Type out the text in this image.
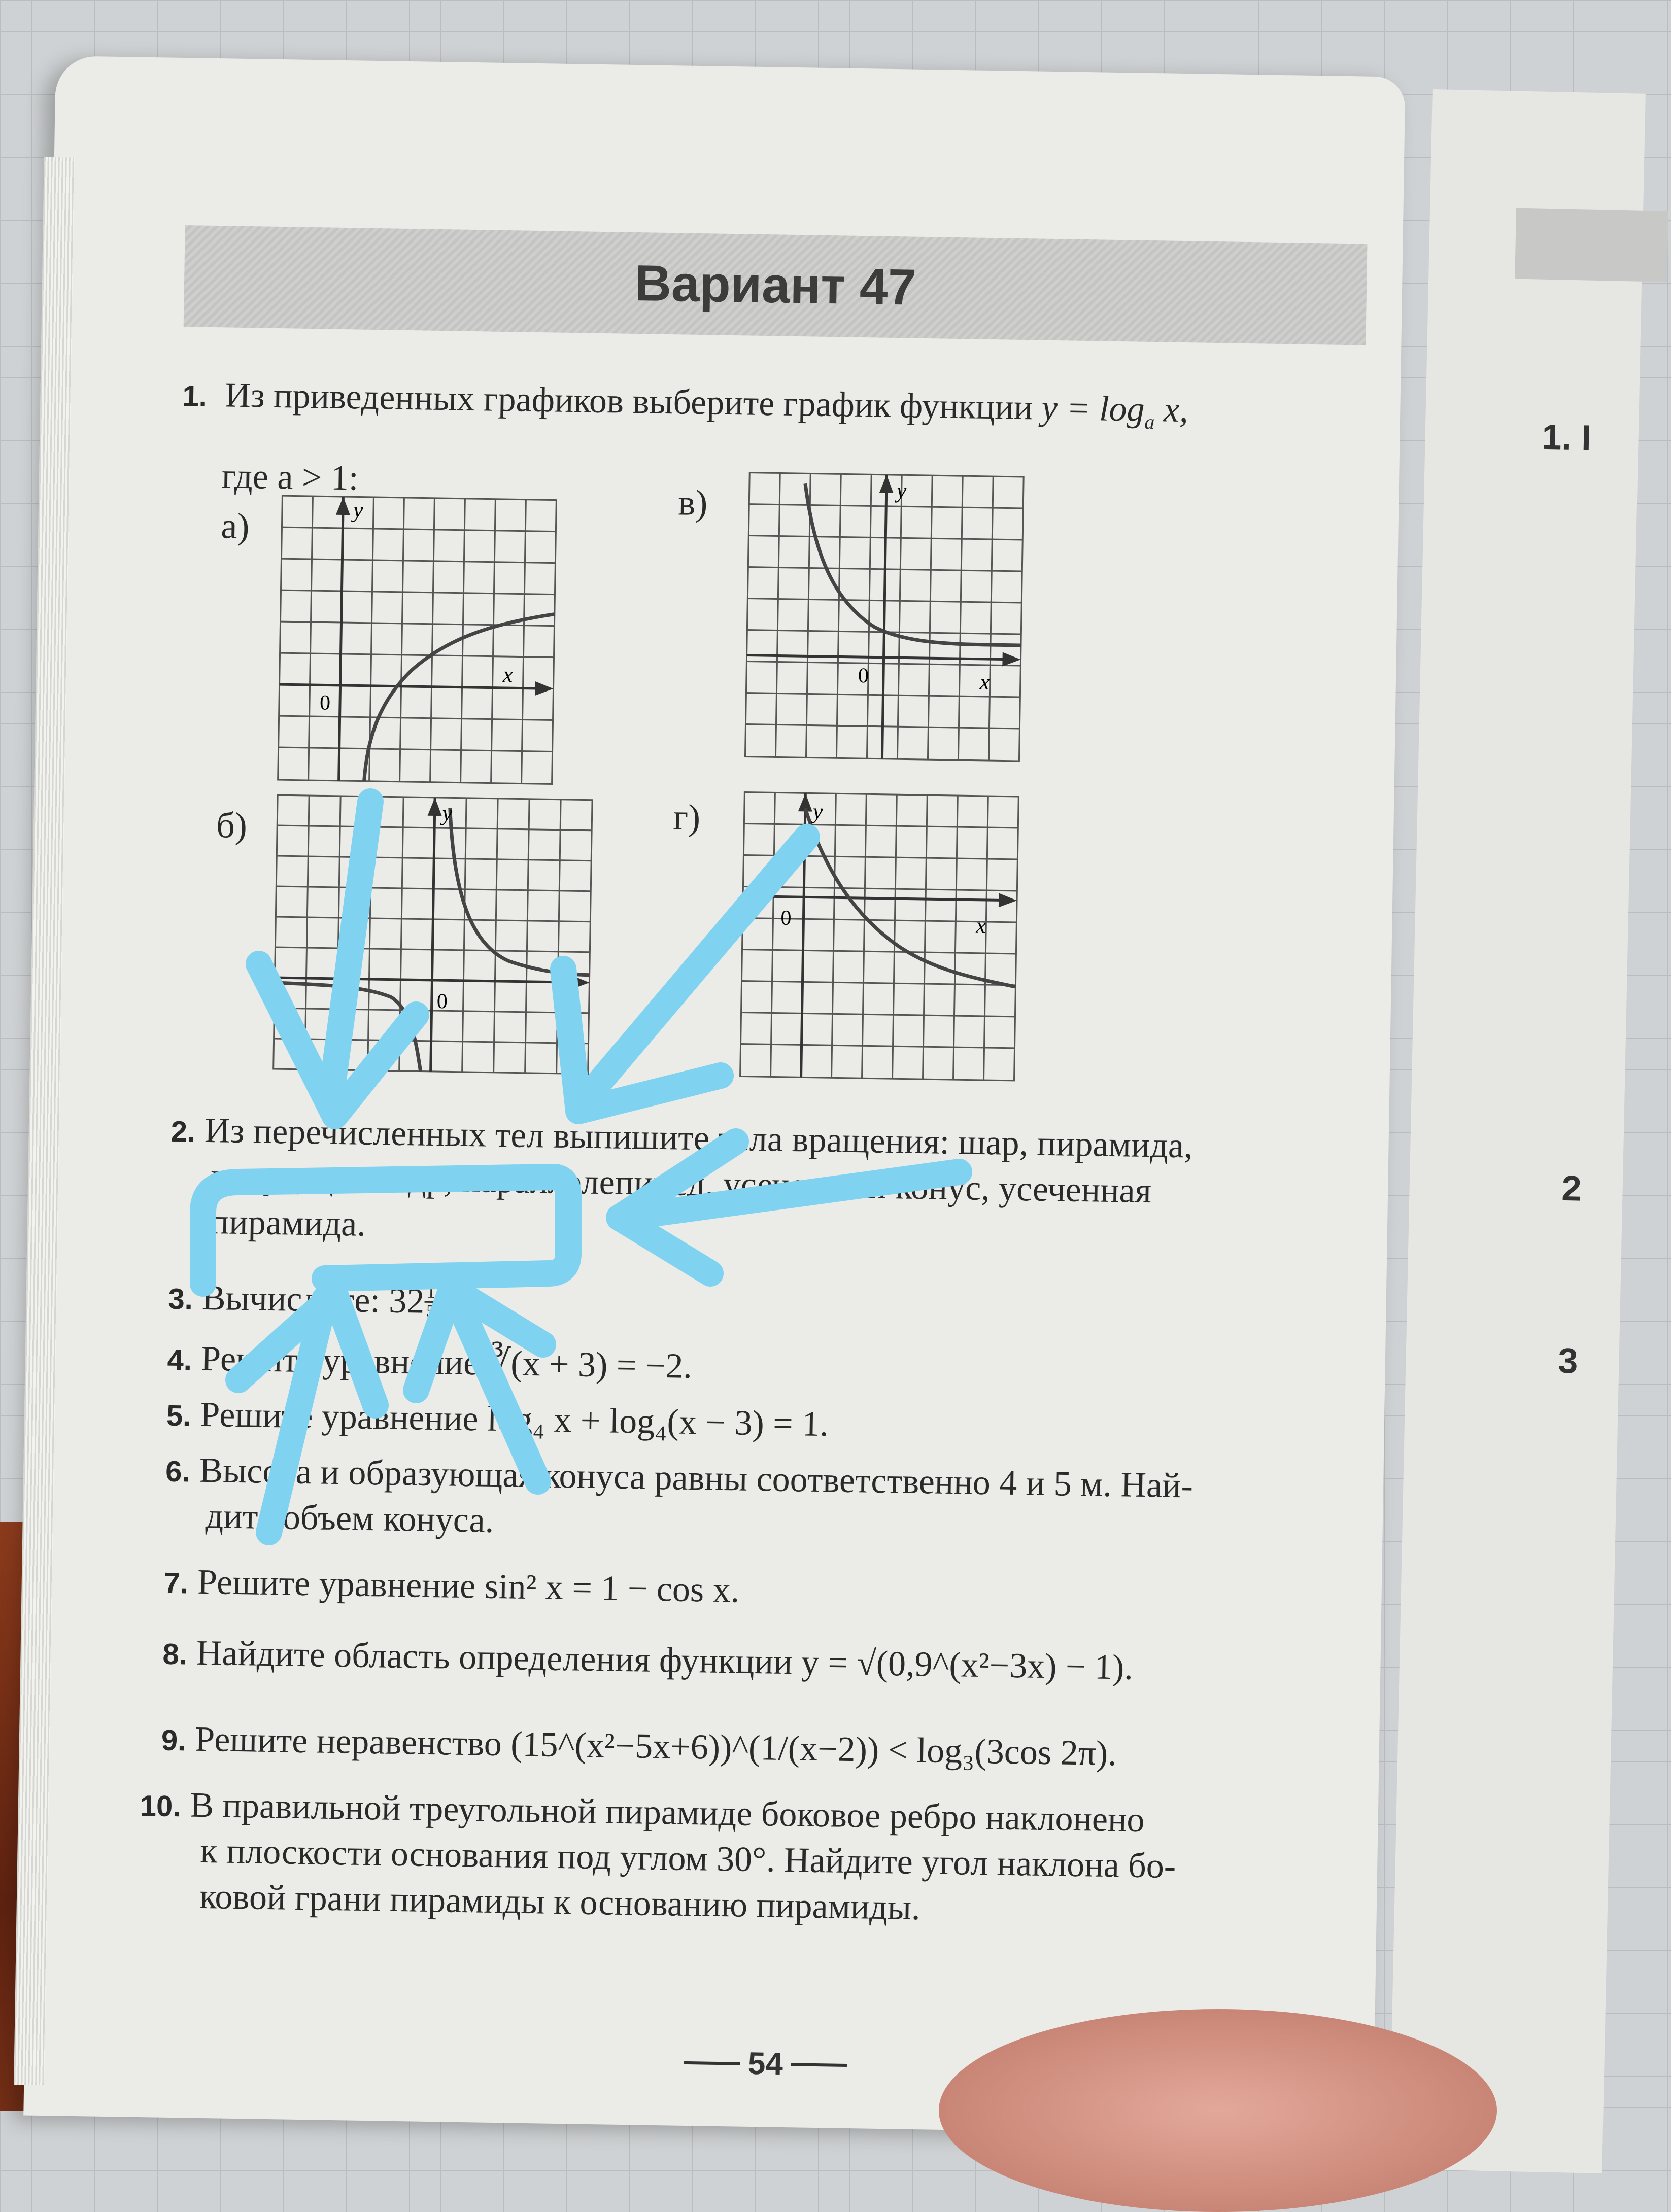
1. I
2
3
Вариант 47
1. Из приведенных графиков выберите график функции $y = \log_a x$,
где a > 1:
а)
в)
б)	г)
y
x
0
y
x
0
y
x
0
y
x
0
2. Из перечисленных тел выпишите тела вращения: шар, пирамида,
конус, цилиндр, параллелепипед, усеченный конус, усеченная
пирамида.
3. Вычислите: 32
$\frac{1}{5}$
.
4. Решите уравнение ∛(x + 3) = −2.
5. Решите уравнение log₄ x + log₄(x − 3) = 1.
6. Высота и образующая конуса равны соответственно 4 и 5 м. Най-
дите объем конуса.
7. Решите уравнение sin² x = 1 − cos x.
8. Найдите область определения функции y = √(0,9^(x²−3x) − 1).
9. Решите неравенство (15^(x²−5x+6))^(1/(x−2)) < log₃(3cos 2π).
10. В правильной треугольной пирамиде боковое ребро наклонено
к плоскости основания под углом 30°. Найдите угол наклона бо-
ковой грани пирамиды к основанию пирамиды.
54
